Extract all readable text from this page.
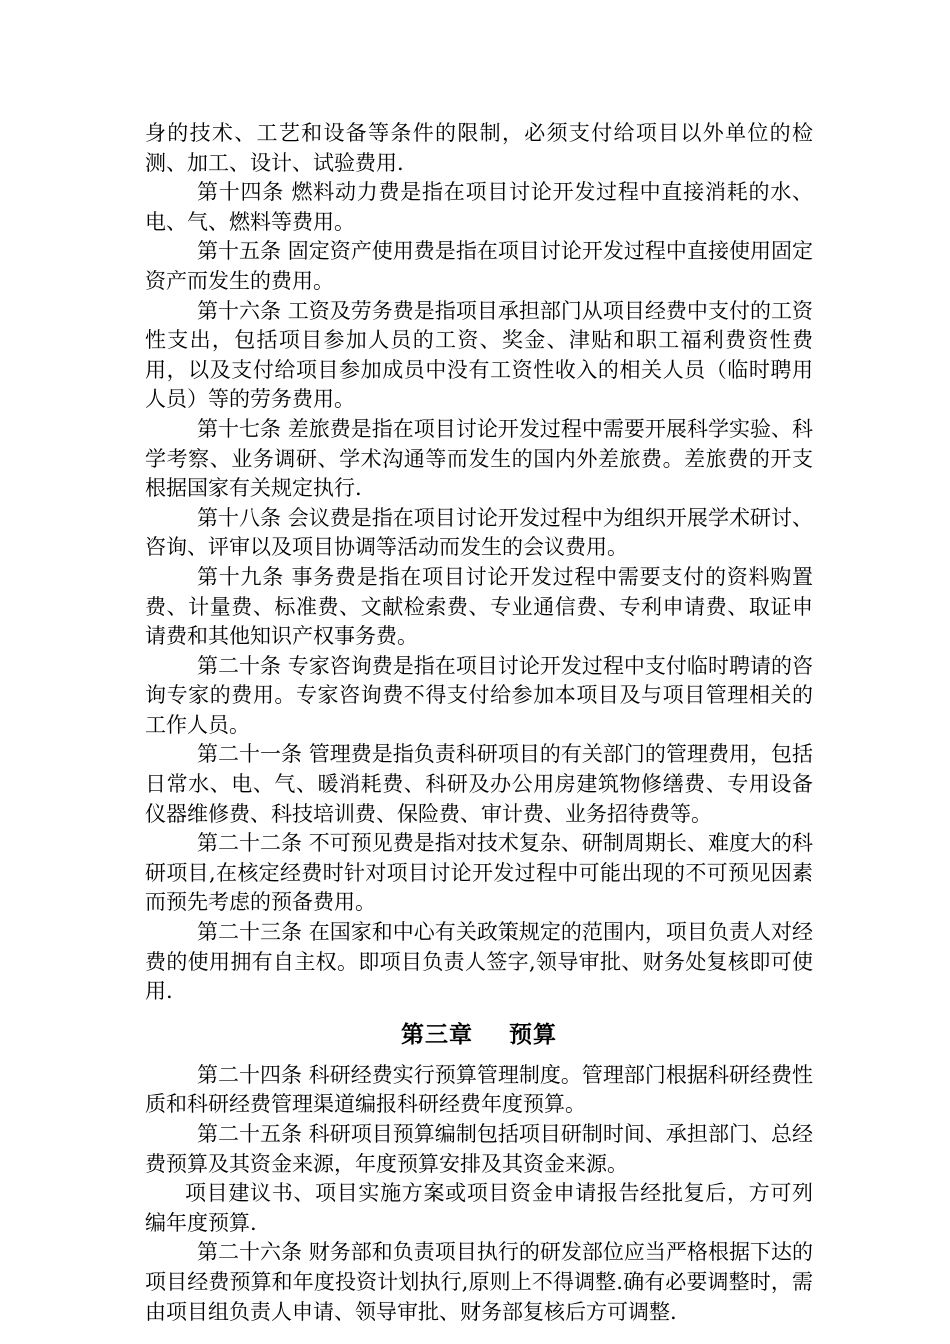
身的技术、工艺和设备等条件的限制，必须支付给项目以外单位的检测、加工、设计、试验费用.

第十四条 燃料动力费是指在项目讨论开发过程中直接消耗的水、电、气、燃料等费用。

第十五条 固定资产使用费是指在项目讨论开发过程中直接使用固定资产而发生的费用。

第十六条 工资及劳务费是指项目承担部门从项目经费中支付的工资性支出，包括项目参加人员的工资、奖金、津贴和职工福利费资性费用，以及支付给项目参加成员中没有工资性收入的相关人员（临时聘用人员）等的劳务费用。

第十七条 差旅费是指在项目讨论开发过程中需要开展科学实验、科学考察、业务调研、学术沟通等而发生的国内外差旅费。差旅费的开支根据国家有关规定执行.

第十八条 会议费是指在项目讨论开发过程中为组织开展学术研讨、咨询、评审以及项目协调等活动而发生的会议费用。

第十九条 事务费是指在项目讨论开发过程中需要支付的资料购置费、计量费、标准费、文献检索费、专业通信费、专利申请费、取证申请费和其他知识产权事务费。

第二十条 专家咨询费是指在项目讨论开发过程中支付临时聘请的咨询专家的费用。专家咨询费不得支付给参加本项目及与项目管理相关的工作人员。

第二十一条 管理费是指负责科研项目的有关部门的管理费用，包括日常水、电、气、暖消耗费、科研及办公用房建筑物修缮费、专用设备仪器维修费、科技培训费、保险费、审计费、业务招待费等。

第二十二条 不可预见费是指对技术复杂、研制周期长、难度大的科研项目,在核定经费时针对项目讨论开发过程中可能出现的不可预见因素而预先考虑的预备费用。

第二十三条 在国家和中心有关政策规定的范围内，项目负责人对经费的使用拥有自主权。即项目负责人签字,领导审批、财务处复核即可使用.

第三章    预算

第二十四条 科研经费实行预算管理制度。管理部门根据科研经费性质和科研经费管理渠道编报科研经费年度预算。

第二十五条 科研项目预算编制包括项目研制时间、承担部门、总经费预算及其资金来源，年度预算安排及其资金来源。

项目建议书、项目实施方案或项目资金申请报告经批复后，方可列编年度预算.

第二十六条 财务部和负责项目执行的研发部位应当严格根据下达的项目经费预算和年度投资计划执行,原则上不得调整.确有必要调整时，需由项目组负责人申请、领导审批、财务部复核后方可调整.
